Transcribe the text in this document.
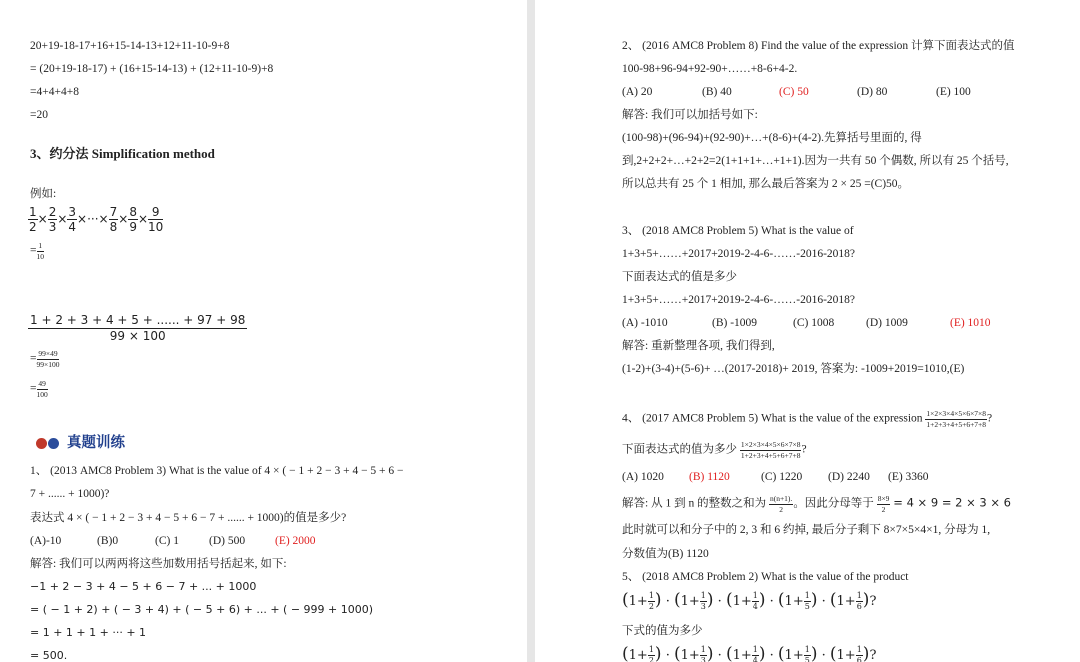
20+19-18-17+16+15-14-13+12+11-10-9+8
= (20+19-18-17) + (16+15-14-13) + (12+11-10-9)+8
=4+4+4+8
=20
3、约分法 Simplification method
例如:
$\frac{1}{2} \times \frac{2}{3} \times \frac{3}{4}$ ×···× $\frac{7}{8} \times \frac{8}{9} \times \frac{9}{10}$
= $\frac{1}{10}$
$\frac{1 + 2 + 3 + 4 + 5 + ...... + 97 + 98}{99 \times 100}$
= $\frac{99\times 49}{99\times 100}$
= $\frac{49}{100}$
真题训练
1、 (2013 AMC8 Problem 3) What is the value of 4 × ( − 1 + 2 − 3 + 4 − 5 + 6 −
7 + ...... + 1000)?
表达式 4 × ( − 1 + 2 − 3 + 4 − 5 + 6 − 7 + ...... + 1000)的值是多少?
(A)-10	(B)0	(C) 1	(D) 500	(E) 2000
解答: 我们可以两两将这些加数用括号括起来, 如下:
−1 + 2 − 3 + 4 − 5 + 6 − 7 + ... + 1000
= ( − 1 + 2) + ( − 3 + 4) + ( − 5 + 6) + ... + ( − 999 + 1000)
= 1 + 1 + 1 + ··· + 1
= 500.
2、 (2016 AMC8 Problem 8) Find the value of the expression 计算下面表达式的值
100-98+96-94+92-90+……+8-6+4-2.
(A) 20	(B) 40	(C) 50	(D) 80	(E) 100
解答: 我们可以加括号如下:
(100-98)+(96-94)+(92-90)+…+(8-6)+(4-2).先算括号里面的, 得
到,2+2+2+…+2+2=2(1+1+1+…+1+1).因为一共有 50 个偶数, 所以有 25 个括号,
所以总共有 25 个 1 相加, 那么最后答案为 2 × 25 =(C)50。
3、 (2018 AMC8 Problem 5) What is the value of
1+3+5+……+2017+2019-2-4-6-……-2016-2018?
下面表达式的值是多少
1+3+5+……+2017+2019-2-4-6-……-2016-2018?
(A) -1010	(B) -1009	(C) 1008	(D) 1009	(E) 1010
解答: 重新整理各项, 我们得到,
(1-2)+(3-4)+(5-6)+ …(2017-2018)+ 2019, 答案为: -1009+2019=1010,(E)
4、 (2017 AMC8 Problem 5) What is the value of the expression $\frac{1\times 2\times 3\times 4\times 5\times 6\times 7\times 8}{1+2+3+4+5+6+7+8}$ ?
下面表达式的值为多少 $\frac{1\times 2\times 3\times 4\times 5\times 6\times 7\times 8}{1+2+3+4+5+6+7+8}$ ?
(A) 1020 (B) 1120	(C) 1220 (D) 2240 (E) 3360
解答: 从 1 到 n 的整数之和为 $\frac{n(n+1).}{2}$ 。因此分母等于 $\frac{8\times 9}{2} = 4 \times 9 = 2 \times 3 \times 6$
此时就可以和分子中的 2, 3 和 6 约掉, 最后分子剩下 8×7×5×4×1, 分母为 1,
分数值为(B) 1120
5、 (2018 AMC8 Problem 2) What is the value of the product
($1+ \frac{1}{2}$ ) · ($1+ \frac{1}{3}$ ) · ($1+ \frac{1}{4}$ ) · ($1+ \frac{1}{5}$ ) · ($1+ \frac{1}{6}$ )?
下式的值为多少
($1+ \frac{1}{2}$ ) · ($1+ \frac{1}{3}$ ) · ($1+ \frac{1}{4}$ ) · ($1+ \frac{1}{5}$ ) · ($1+ \frac{1}{6}$ )?
